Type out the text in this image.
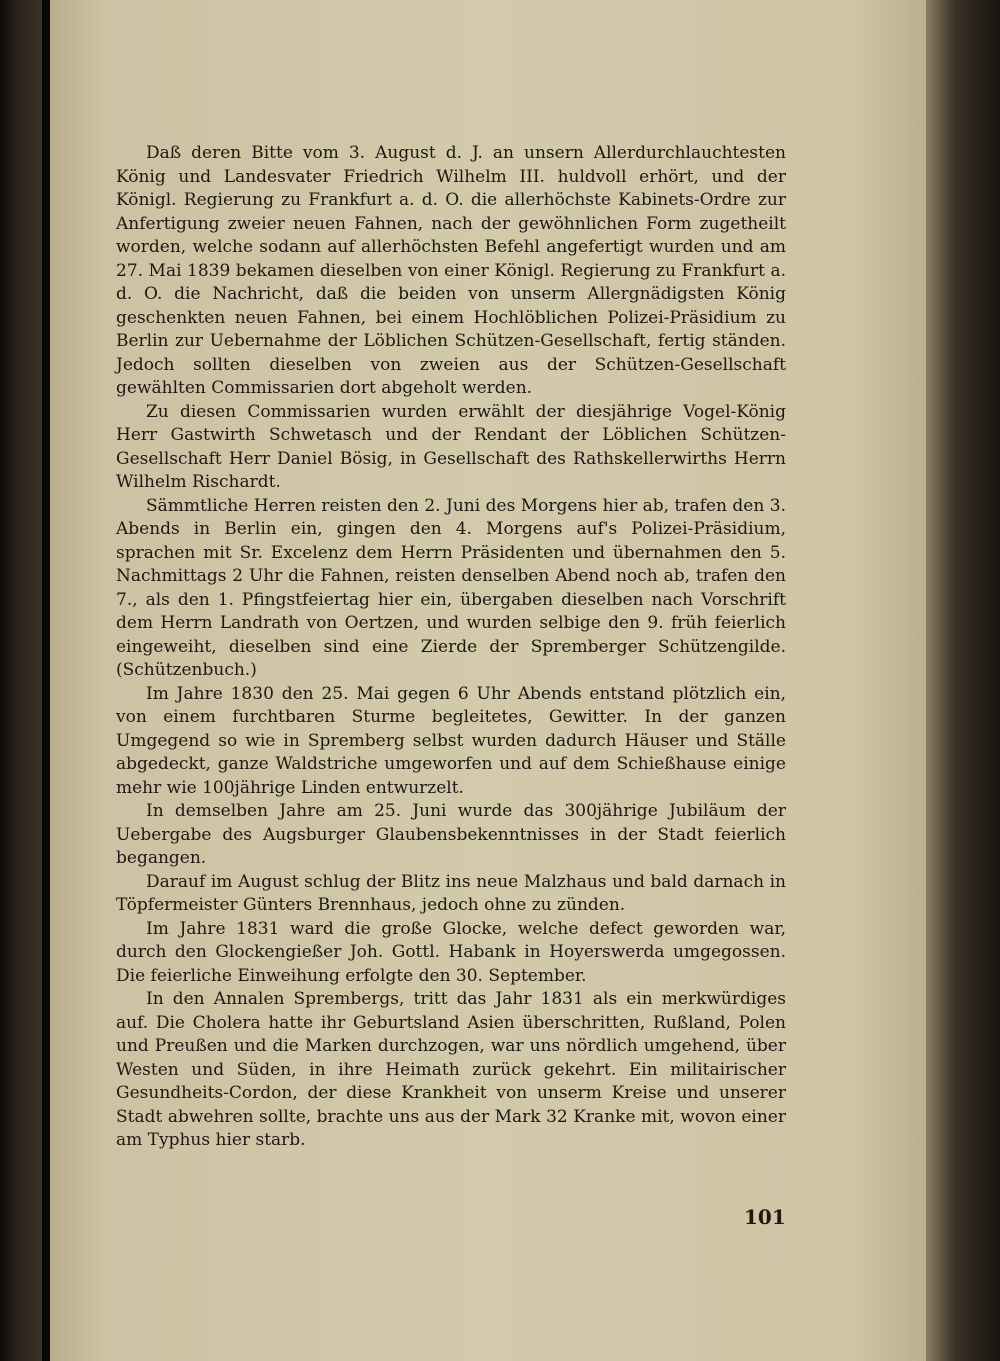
Daß deren Bitte vom 3. August d. J. an unsern Allerdurchlauchtesten König und Landesvater Friedrich Wilhelm III. huldvoll erhört, und der Königl. Regierung zu Frankfurt a. d. O. die allerhöchste Kabinets-Ordre zur Anfertigung zweier neuen Fahnen, nach der gewöhnlichen Form zugetheilt worden, welche sodann auf allerhöchsten Befehl angefertigt wurden und am 27. Mai 1839 bekamen dieselben von einer Königl. Regierung zu Frankfurt a. d. O. die Nachricht, daß die beiden von unserm Allergnädigsten König geschenkten neuen Fahnen, bei einem Hochlöblichen Polizei-Präsidium zu Berlin zur Uebernahme der Löblichen Schützen-Gesellschaft, fertig ständen. Jedoch sollten dieselben von zweien aus der Schützen-Gesellschaft gewählten Commissarien dort abgeholt werden.

Zu diesen Commissarien wurden erwählt der diesjährige Vogel-König Herr Gastwirth Schwetasch und der Rendant der Löblichen Schützen-Gesellschaft Herr Daniel Bösig, in Gesellschaft des Rathskellerwirths Herrn Wilhelm Rischardt.

Sämmtliche Herren reisten den 2. Juni des Morgens hier ab, trafen den 3. Abends in Berlin ein, gingen den 4. Morgens auf's Polizei-Präsidium, sprachen mit Sr. Excelenz dem Herrn Präsidenten und übernahmen den 5. Nachmittags 2 Uhr die Fahnen, reisten denselben Abend noch ab, trafen den 7., als den 1. Pfingstfeiertag hier ein, übergaben dieselben nach Vorschrift dem Herrn Landrath von Oertzen, und wurden selbige den 9. früh feierlich eingeweiht, dieselben sind eine Zierde der Spremberger Schützengilde. (Schützenbuch.)

Im Jahre 1830 den 25. Mai gegen 6 Uhr Abends entstand plötzlich ein, von einem furchtbaren Sturme begleitetes, Gewitter. In der ganzen Umgegend so wie in Spremberg selbst wurden dadurch Häuser und Ställe abgedeckt, ganze Waldstriche umgeworfen und auf dem Schießhause einige mehr wie 100jährige Linden entwurzelt.

In demselben Jahre am 25. Juni wurde das 300jährige Jubiläum der Uebergabe des Augsburger Glaubensbekenntnisses in der Stadt feierlich begangen.

Darauf im August schlug der Blitz ins neue Malzhaus und bald darnach in Töpfermeister Günters Brennhaus, jedoch ohne zu zünden.

Im Jahre 1831 ward die große Glocke, welche defect geworden war, durch den Glockengießer Joh. Gottl. Habank in Hoyerswerda umgegossen. Die feierliche Einweihung erfolgte den 30. September.

In den Annalen Sprembergs, tritt das Jahr 1831 als ein merkwürdiges auf. Die Cholera hatte ihr Geburtsland Asien überschritten, Rußland, Polen und Preußen und die Marken durchzogen, war uns nördlich umgehend, über Westen und Süden, in ihre Heimath zurück gekehrt. Ein militairischer Gesundheits-Cordon, der diese Krankheit von unserm Kreise und unserer Stadt abwehren sollte, brachte uns aus der Mark 32 Kranke mit, wovon einer am Typhus hier starb.

101
